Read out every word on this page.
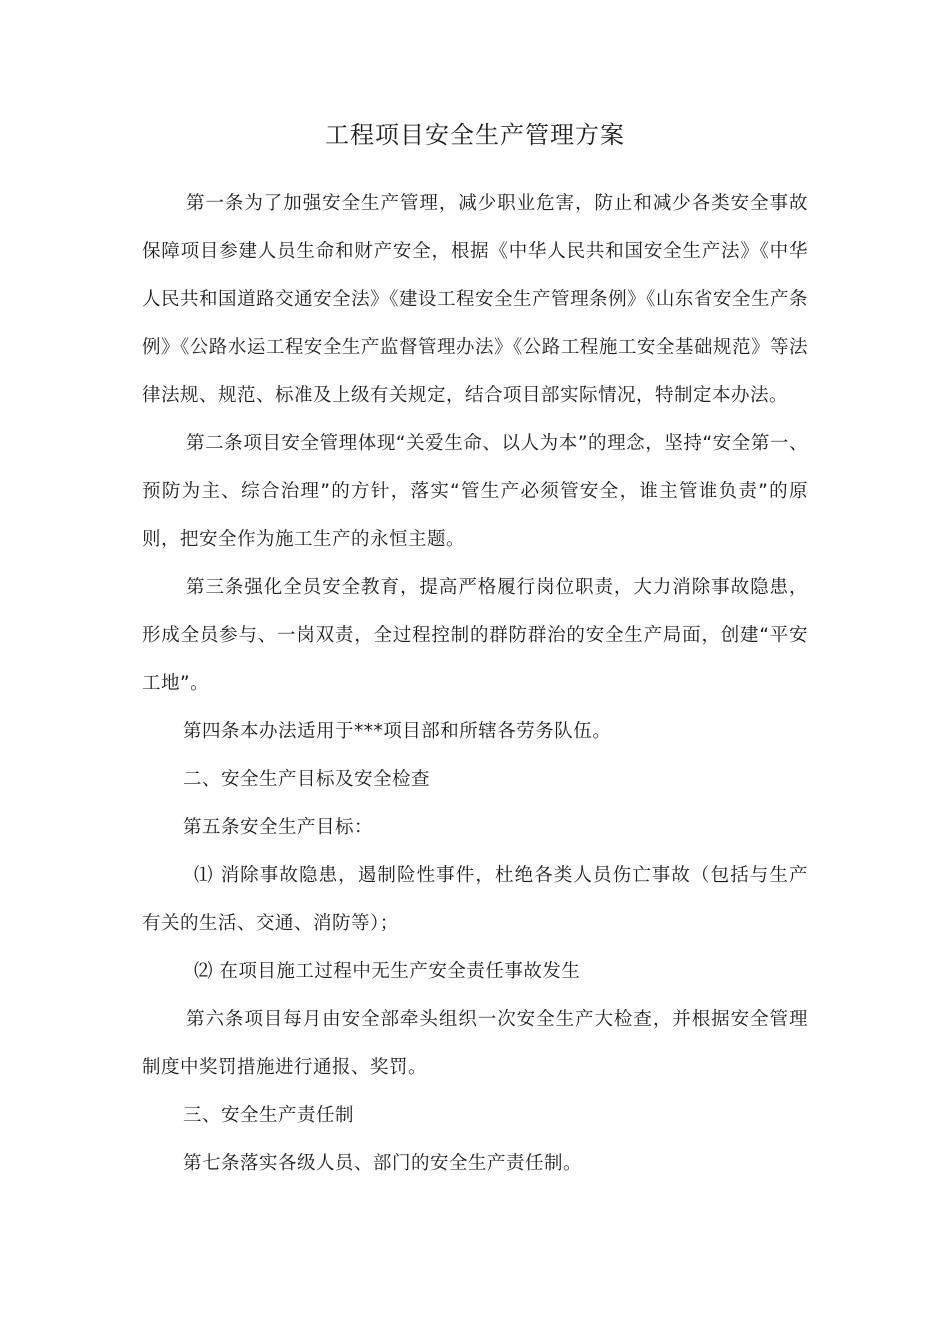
工程项目安全生产管理方案

第一条为了加强安全生产管理，减少职业危害，防止和减少各类安全事故保障项目参建人员生命和财产安全，根据《中华人民共和国安全生产法》《中华人民共和国道路交通安全法》《建设工程安全生产管理条例》《山东省安全生产条例》《公路水运工程安全生产监督管理办法》《公路工程施工安全基础规范》等法律法规、规范、标准及上级有关规定，结合项目部实际情况，特制定本办法。

第二条项目安全管理体现“关爱生命、以人为本”的理念，坚持“安全第一、预防为主、综合治理”的方针，落实“管生产必须管安全，谁主管谁负责”的原则，把安全作为施工生产的永恒主题。

第三条强化全员安全教育，提高严格履行岗位职责，大力消除事故隐患，形成全员参与、一岗双责，全过程控制的群防群治的安全生产局面，创建“平安工地”。

第四条本办法适用于***项目部和所辖各劳务队伍。

二、安全生产目标及安全检查

第五条安全生产目标：

⑴ 消除事故隐患，遏制险性事件，杜绝各类人员伤亡事故（包括与生产有关的生活、交通、消防等）；

⑵ 在项目施工过程中无生产安全责任事故发生

第六条项目每月由安全部牵头组织一次安全生产大检查，并根据安全管理制度中奖罚措施进行通报、奖罚。

三、安全生产责任制

第七条落实各级人员、部门的安全生产责任制。
